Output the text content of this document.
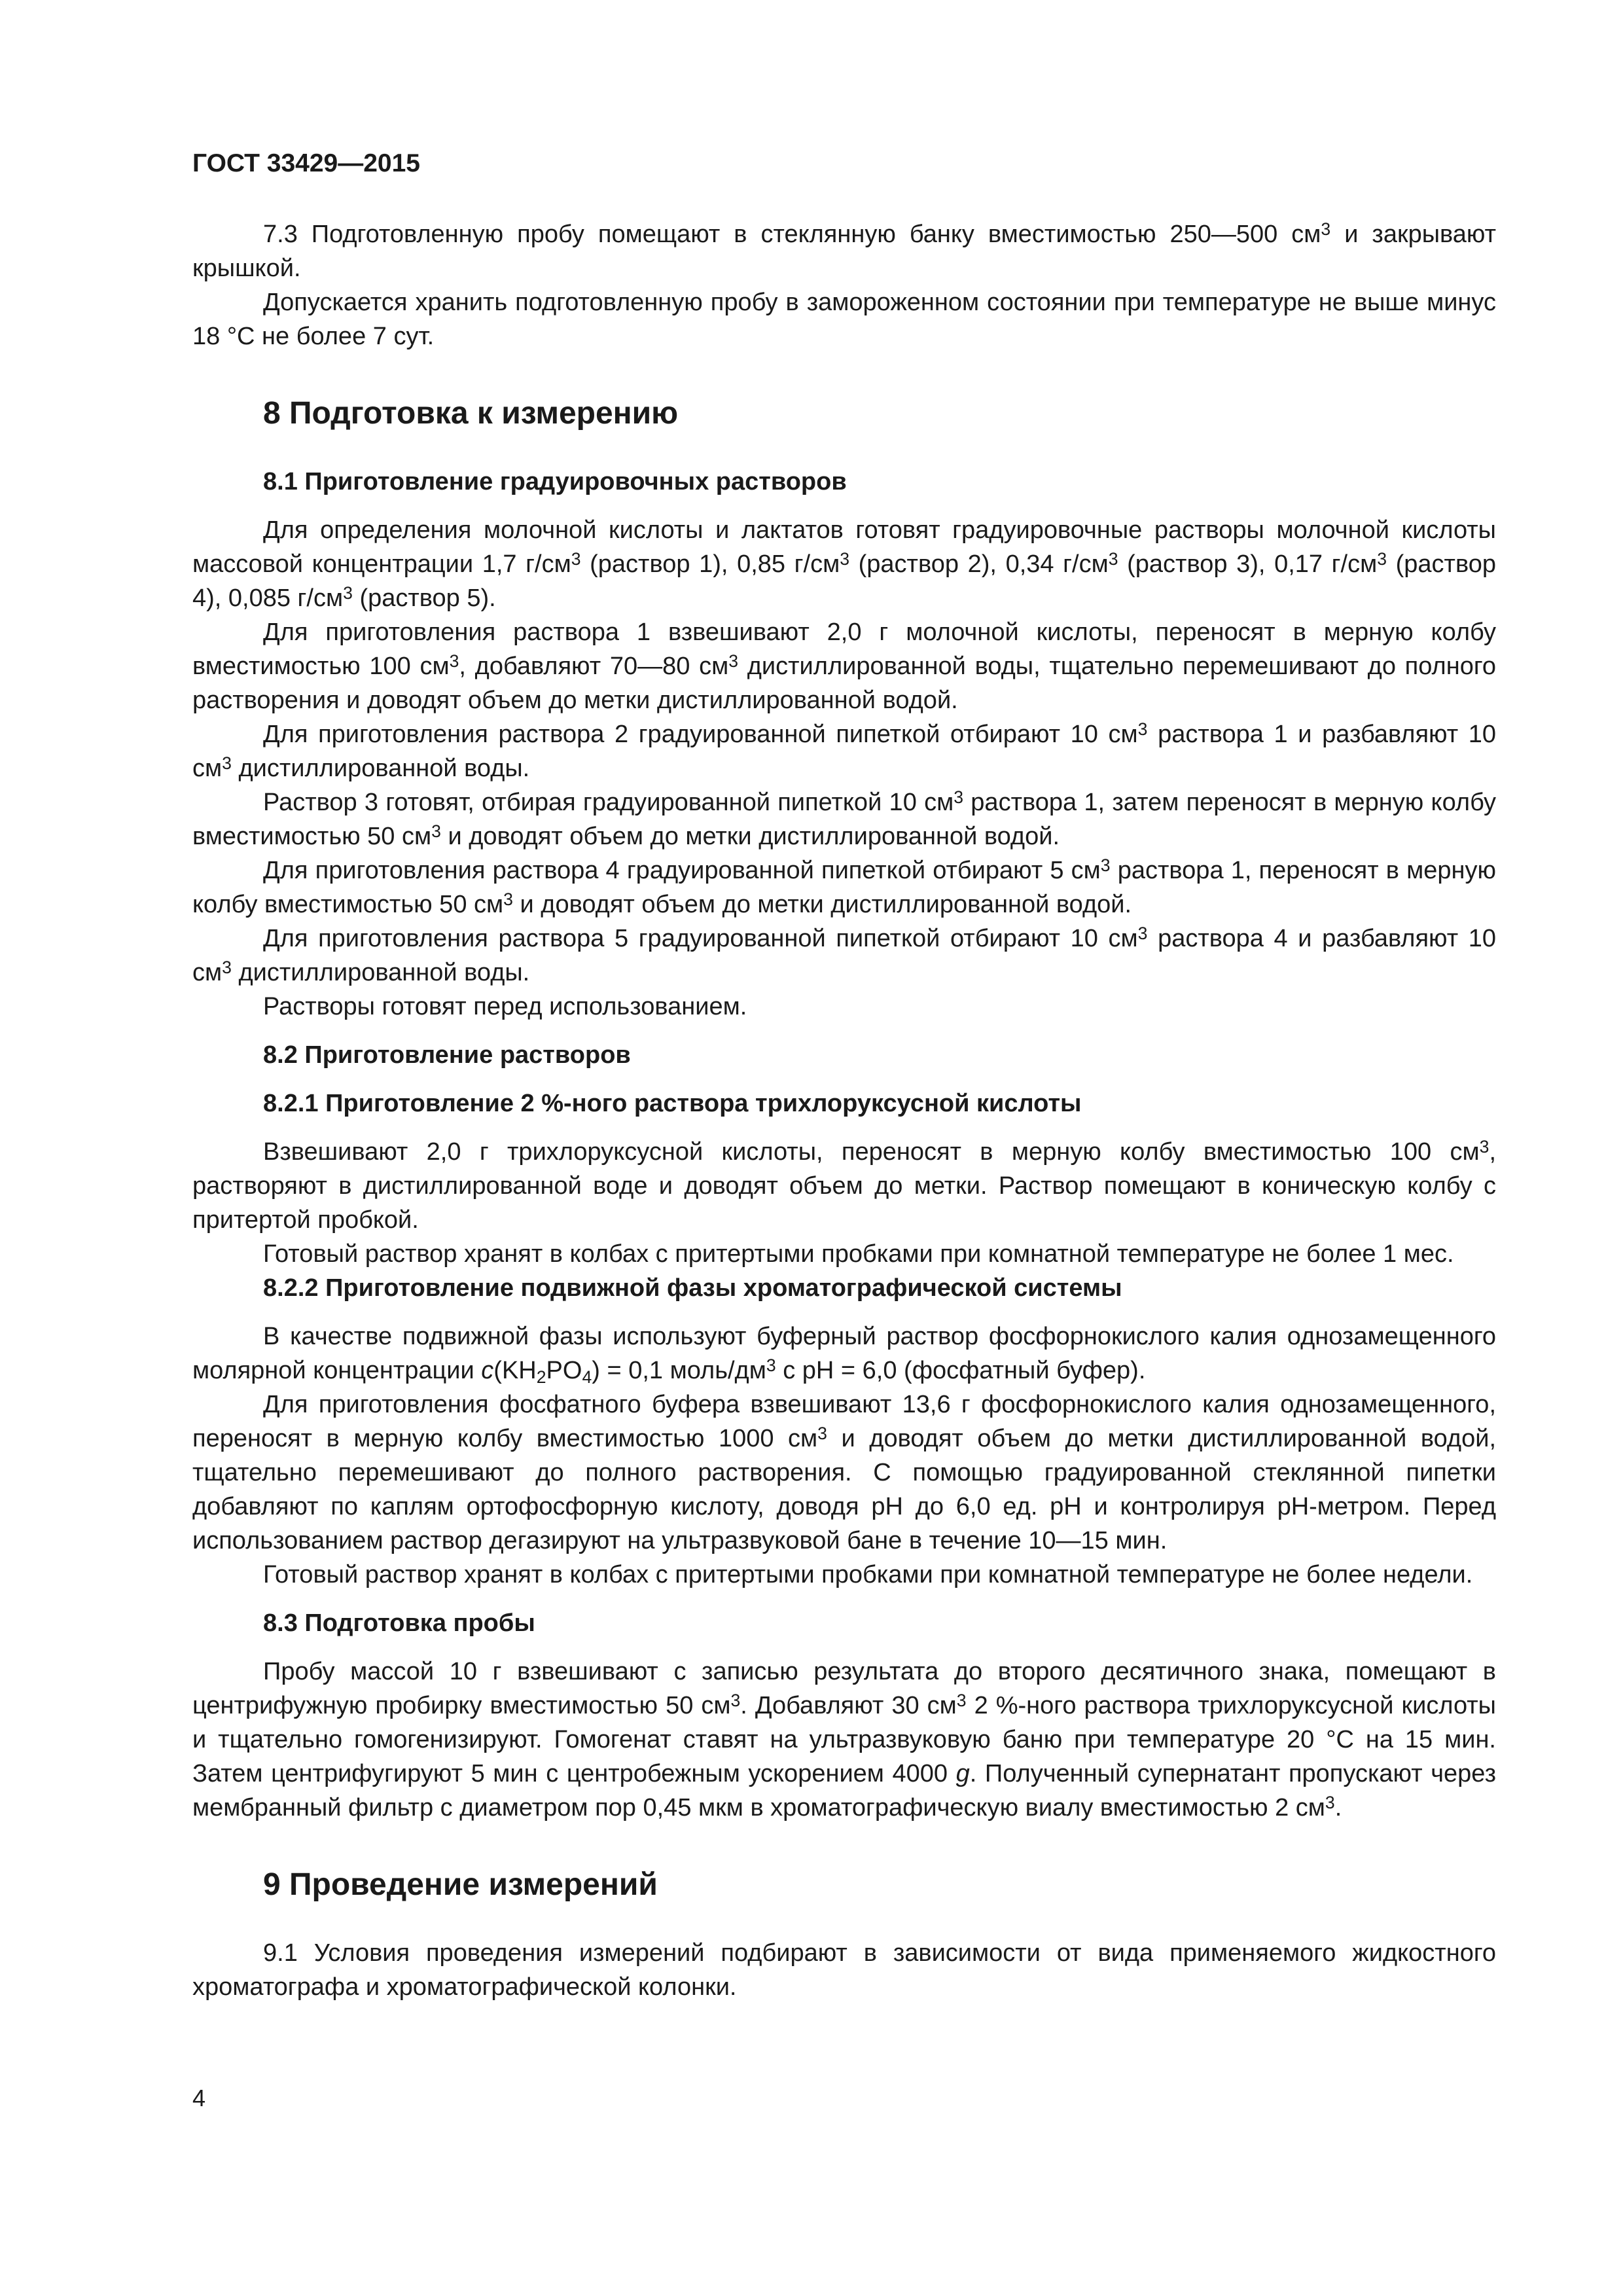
ГОСТ 33429—2015

7.3 Подготовленную пробу помещают в стеклянную банку вместимостью 250—500 $см^3$ и закрывают крышкой.

Допускается хранить подготовленную пробу в замороженном состоянии при температуре не выше минус 18 °С не более 7 сут.

8 Подготовка к измерению
8.1 Приготовление градуировочных растворов

Для определения молочной кислоты и лактатов готовят градуировочные растворы молочной кислоты массовой концентрации 1,7 $г/см^3$ (раствор 1), 0,85 $г/см^3$ (раствор 2), 0,34 $г/см^3$ (раствор 3), 0,17 $г/см^3$ (раствор 4), 0,085 $г/см^3$ (раствор 5).

Для приготовления раствора 1 взвешивают 2,0 г молочной кислоты, переносят в мерную колбу вместимостью 100 $см^3$, добавляют 70—80 $см^3$ дистиллированной воды, тщательно перемешивают до полного растворения и доводят объем до метки дистиллированной водой.

Для приготовления раствора 2 градуированной пипеткой отбирают 10 $см^3$ раствора 1 и разбавляют 10 $см^3$ дистиллированной воды.

Раствор 3 готовят, отбирая градуированной пипеткой 10 $см^3$ раствора 1, затем переносят в мерную колбу вместимостью 50 $см^3$ и доводят объем до метки дистиллированной водой.

Для приготовления раствора 4 градуированной пипеткой отбирают 5 $см^3$ раствора 1, переносят в мерную колбу вместимостью 50 $см^3$ и доводят объем до метки дистиллированной водой.

Для приготовления раствора 5 градуированной пипеткой отбирают 10 $см^3$ раствора 4 и разбавляют 10 $см^3$ дистиллированной воды.

Растворы готовят перед использованием.

8.2 Приготовление растворов
8.2.1 Приготовление 2 %-ного раствора трихлоруксусной кислоты

Взвешивают 2,0 г трихлоруксусной кислоты, переносят в мерную колбу вместимостью 100 $см^3$, растворяют в дистиллированной воде и доводят объем до метки. Раствор помещают в коническую колбу с притертой пробкой.

Готовый раствор хранят в колбах с притертыми пробками при комнатной температуре не более 1 мес.

8.2.2 Приготовление подвижной фазы хроматографической системы

В качестве подвижной фазы используют буферный раствор фосфорнокислого калия однозамещенного молярной концентрации $c(KH_2PO_4) = 0,1$ моль/$дм^3$ с pH = 6,0 (фосфатный буфер).

Для приготовления фосфатного буфера взвешивают 13,6 г фосфорнокислого калия однозамещенного, переносят в мерную колбу вместимостью 1000 $см^3$ и доводят объем до метки дистиллированной водой, тщательно перемешивают до полного растворения. С помощью градуированной стеклянной пипетки добавляют по каплям ортофосфорную кислоту, доводя pH до 6,0 ед. pH и контролируя pH-метром. Перед использованием раствор дегазируют на ультразвуковой бане в течение 10—15 мин.

Готовый раствор хранят в колбах с притертыми пробками при комнатной температуре не более недели.

8.3 Подготовка пробы

Пробу массой 10 г взвешивают с записью результата до второго десятичного знака, помещают в центрифужную пробирку вместимостью 50 $см^3$. Добавляют 30 $см^3$ 2 %-ного раствора трихлоруксусной кислоты и тщательно гомогенизируют. Гомогенат ставят на ультразвуковую баню при температуре 20 °С на 15 мин. Затем центрифугируют 5 мин с центробежным ускорением 4000 g. Полученный супернатант пропускают через мембранный фильтр с диаметром пор 0,45 мкм в хроматографическую виалу вместимостью 2 $см^3$.

9 Проведение измерений

9.1 Условия проведения измерений подбирают в зависимости от вида применяемого жидкостного хроматографа и хроматографической колонки.

4
